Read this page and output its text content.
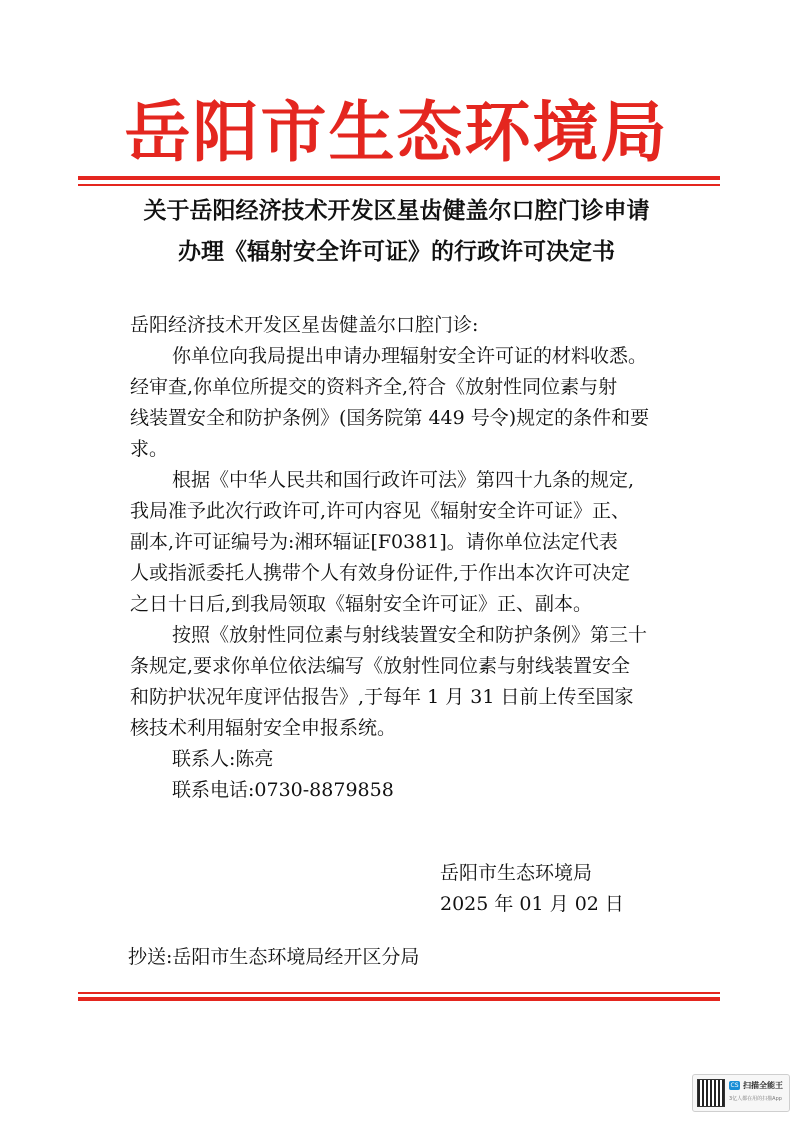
岳阳市生态环境局
关于岳阳经济技术开发区星齿健盖尔口腔门诊申请
办理《辐射安全许可证》的行政许可决定书
岳阳经济技术开发区星齿健盖尔口腔门诊:
你单位向我局提出申请办理辐射安全许可证的材料收悉。
经审查,你单位所提交的资料齐全,符合《放射性同位素与射
线装置安全和防护条例》(国务院第 449 号令)规定的条件和要
求。
根据《中华人民共和国行政许可法》第四十九条的规定,
我局准予此次行政许可,许可内容见《辐射安全许可证》正、
副本,许可证编号为:湘环辐证[F0381]。请你单位法定代表
人或指派委托人携带个人有效身份证件,于作出本次许可决定
之日十日后,到我局领取《辐射安全许可证》正、副本。
按照《放射性同位素与射线装置安全和防护条例》第三十
条规定,要求你单位依法编写《放射性同位素与射线装置安全
和防护状况年度评估报告》,于每年 1 月 31 日前上传至国家
核技术利用辐射安全申报系统。
联系人:陈亮
联系电话:0730-8879858
岳阳市生态环境局
2025 年 01 月 02 日
抄送:岳阳市生态环境局经开区分局
CS 扫描全能王
3亿人都在用的扫描App
